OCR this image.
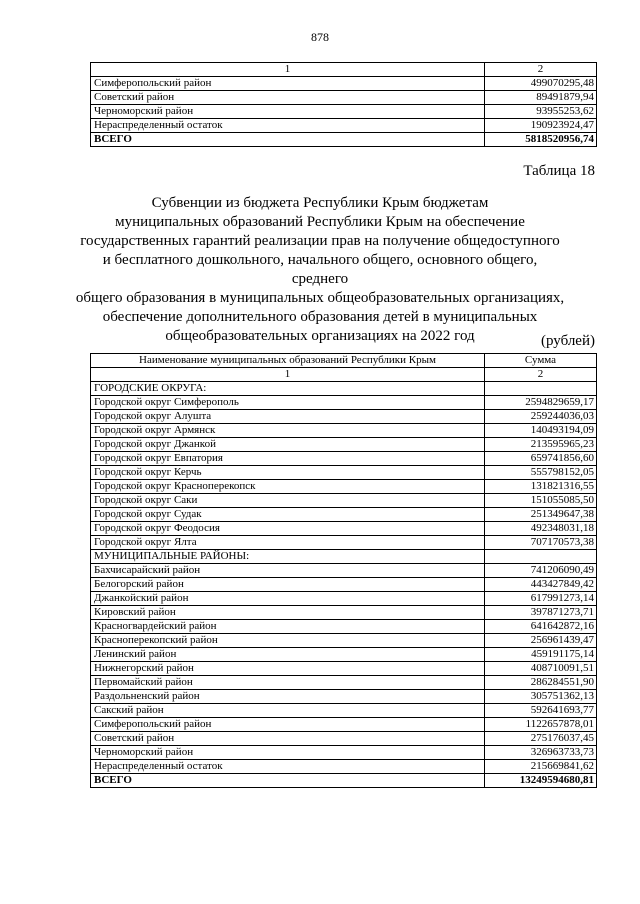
878
1	2
Симферопольский район	499070295,48
Советский район	89491879,94
Черноморский район	93955253,62
Нераспределенный остаток	190923924,47
ВСЕГО	5818520956,74
Таблица 18
Субвенции из бюджета Республики Крым бюджетам
муниципальных образований Республики Крым на обеспечение
государственных гарантий реализации прав на получение общедоступного
и бесплатного дошкольного, начального общего, основного общего, среднего
общего образования в муниципальных общеобразовательных организациях,
обеспечение дополнительного образования детей в муниципальных
общеобразовательных организациях на 2022 год	(рублей)
Наименование муниципальных образований Республики Крым	Сумма
1	2
ГОРОДСКИЕ ОКРУГА:	
Городской округ Симферополь	2594829659,17
Городской округ Алушта	259244036,03
Городской округ Армянск	140493194,09
Городской округ Джанкой	213595965,23
Городской округ Евпатория	659741856,60
Городской округ Керчь	555798152,05
Городской округ Красноперекопск	131821316,55
Городской округ Саки	151055085,50
Городской округ Судак	251349647,38
Городской округ Феодосия	492348031,18
Городской округ Ялта	707170573,38
МУНИЦИПАЛЬНЫЕ РАЙОНЫ:	
Бахчисарайский район	741206090,49
Белогорский район	443427849,42
Джанкойский район	617991273,14
Кировский район	397871273,71
Красногвардейский район	641642872,16
Красноперекопский район	256961439,47
Ленинский район	459191175,14
Нижнегорский район	408710091,51
Первомайский район	286284551,90
Раздольненский район	305751362,13
Сакский район	592641693,77
Симферопольский район	1122657878,01
Советский район	275176037,45
Черноморский район	326963733,73
Нераспределенный остаток	215669841,62
ВСЕГО	13249594680,81
